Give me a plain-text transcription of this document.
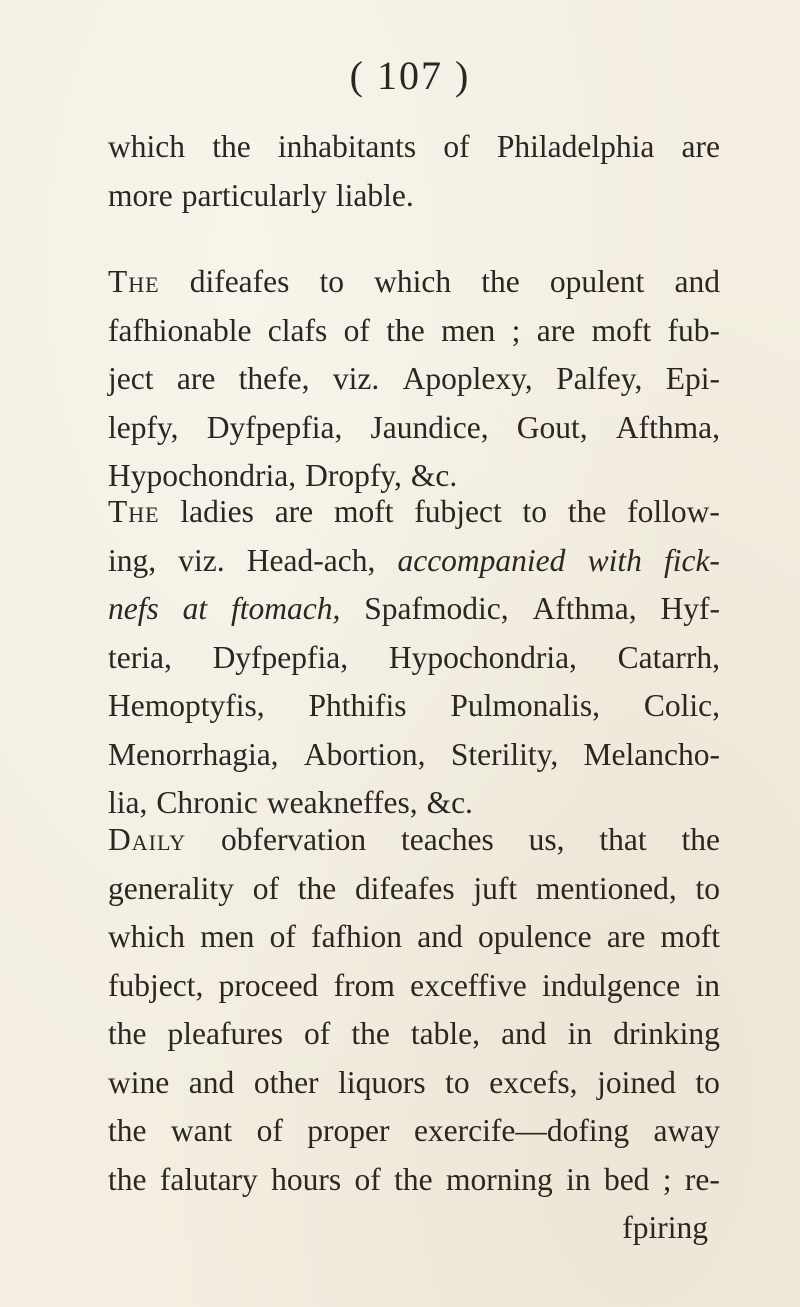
( 107 )
which the inhabitants of Philadelphia are
more particularly liable.
The difeafes to which the opulent and
fafhionable clafs of the men ; are moft fub-
ject are thefe, viz. Apoplexy, Palfey, Epi-
lepfy, Dyfpepfia, Jaundice, Gout, Afthma,
Hypochondria, Dropfy, &c.
The ladies are moft fubject to the follow-
ing, viz. Head-ach, accompanied with fick-
nefs at ftomach, Spafmodic, Afthma, Hyf-
teria, Dyfpepfia, Hypochondria, Catarrh,
Hemoptyfis, Phthifis Pulmonalis, Colic,
Menorrhagia, Abortion, Sterility, Melancho-
lia, Chronic weakneffes, &c.
Daily obfervation teaches us, that the
generality of the difeafes juft mentioned, to
which men of fafhion and opulence are moft
fubject, proceed from exceffive indulgence in
the pleafures of the table, and in drinking
wine and other liquors to excefs, joined to
the want of proper exercife—dofing away
the falutary hours of the morning in bed ; re-
fpiring
